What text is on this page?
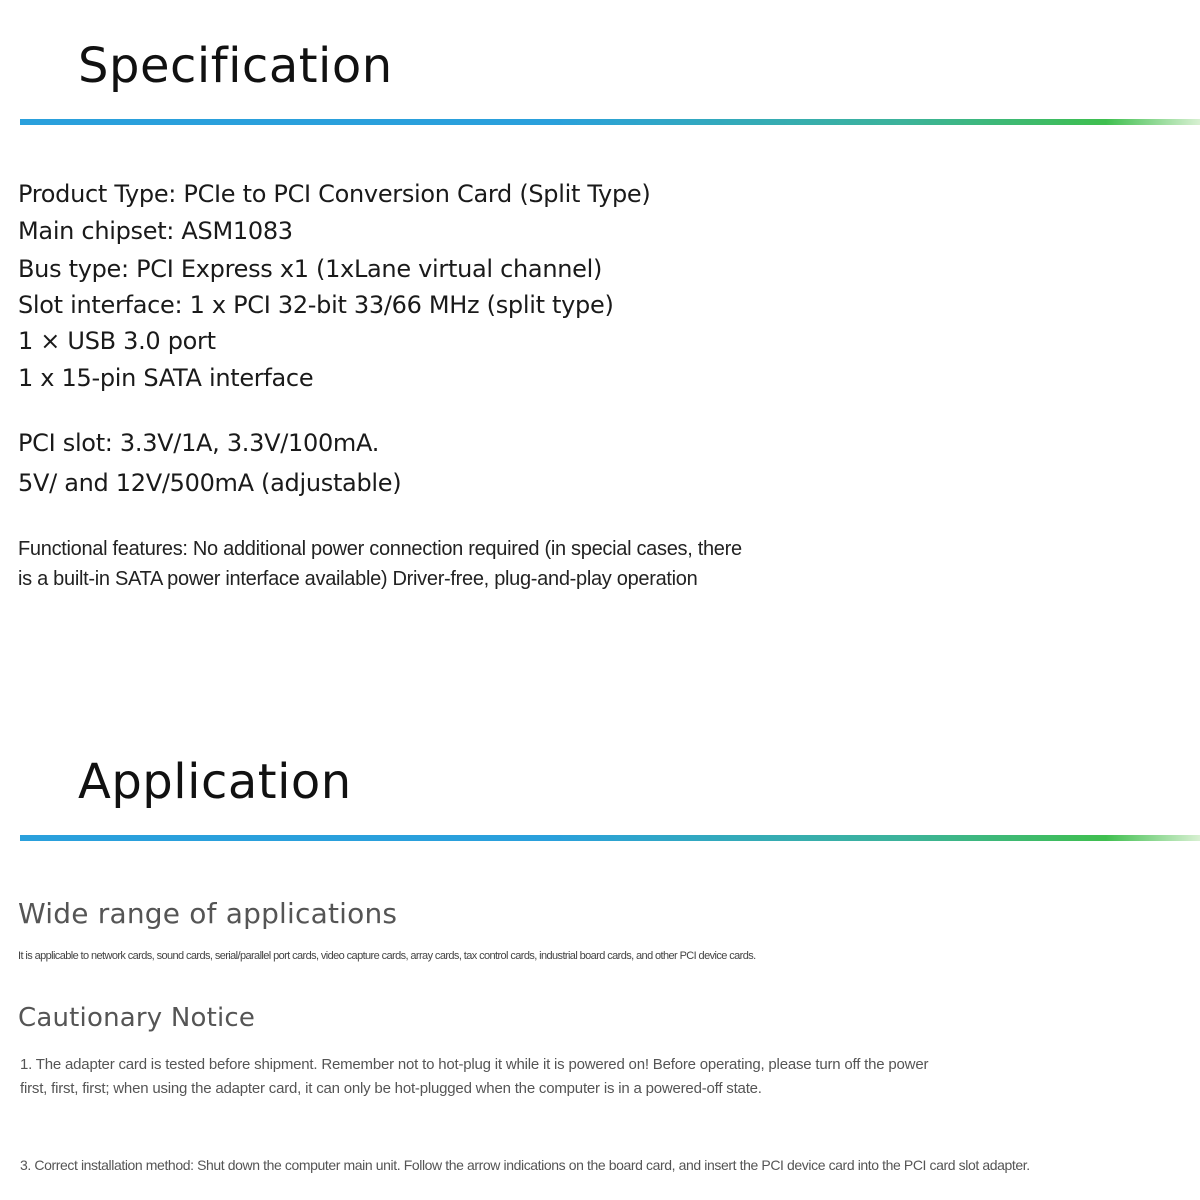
Specification

Product Type: PCIe to PCI Conversion Card (Split Type)

Main chipset: ASM1083

Bus type: PCI Express x1 (1xLane virtual channel)

Slot interface: 1 x PCI 32-bit 33/66 MHz (split type)

1 × USB 3.0 port

1 x 15-pin SATA interface

PCI slot: 3.3V/1A, 3.3V/100mA.

5V/ and 12V/500mA (adjustable)

Functional features: No additional power connection required (in special cases, there

is a built-in SATA power interface available) Driver-free, plug-and-play operation

Application
Wide range of applications

It is applicable to network cards, sound cards, serial/parallel port cards, video capture cards, array cards, tax control cards, industrial board cards, and other PCI device cards.

Cautionary Notice

1. The adapter card is tested before shipment. Remember not to hot-plug it while it is powered on! Before operating, please turn off the power

first, first, first; when using the adapter card, it can only be hot-plugged when the computer is in a powered-off state.

3. Correct installation method: Shut down the computer main unit. Follow the arrow indications on the board card, and insert the PCI device card into the PCI card slot adapter.
